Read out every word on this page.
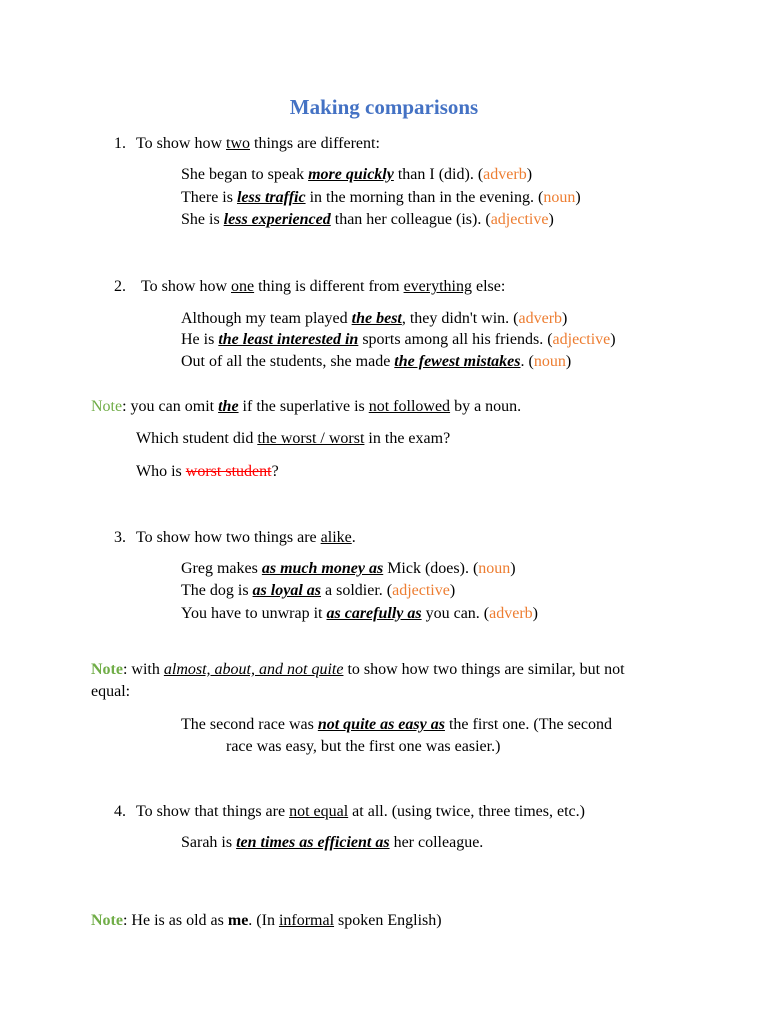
Making comparisons
1. To show how two things are different:
She began to speak more quickly than I (did). (adverb)
There is less traffic in the morning than in the evening. (noun)
She is less experienced than her colleague (is). (adjective)
2. To show how one thing is different from everything else:
Although my team played the best, they didn't win. (adverb)
He is the least interested in sports among all his friends. (adjective)
Out of all the students, she made the fewest mistakes. (noun)
Note: you can omit the if the superlative is not followed by a noun.
Which student did the worst / worst in the exam?
Who is worst student?
3. To show how two things are alike.
Greg makes as much money as Mick (does). (noun)
The dog is as loyal as a soldier. (adjective)
You have to unwrap it as carefully as you can. (adverb)
Note: with almost, about, and not quite to show how two things are similar, but not
equal:
The second race was not quite as easy as the first one. (The second
race was easy, but the first one was easier.)
4. To show that things are not equal at all. (using twice, three times, etc.)
Sarah is ten times as efficient as her colleague.
Note: He is as old as me. (In informal spoken English)
